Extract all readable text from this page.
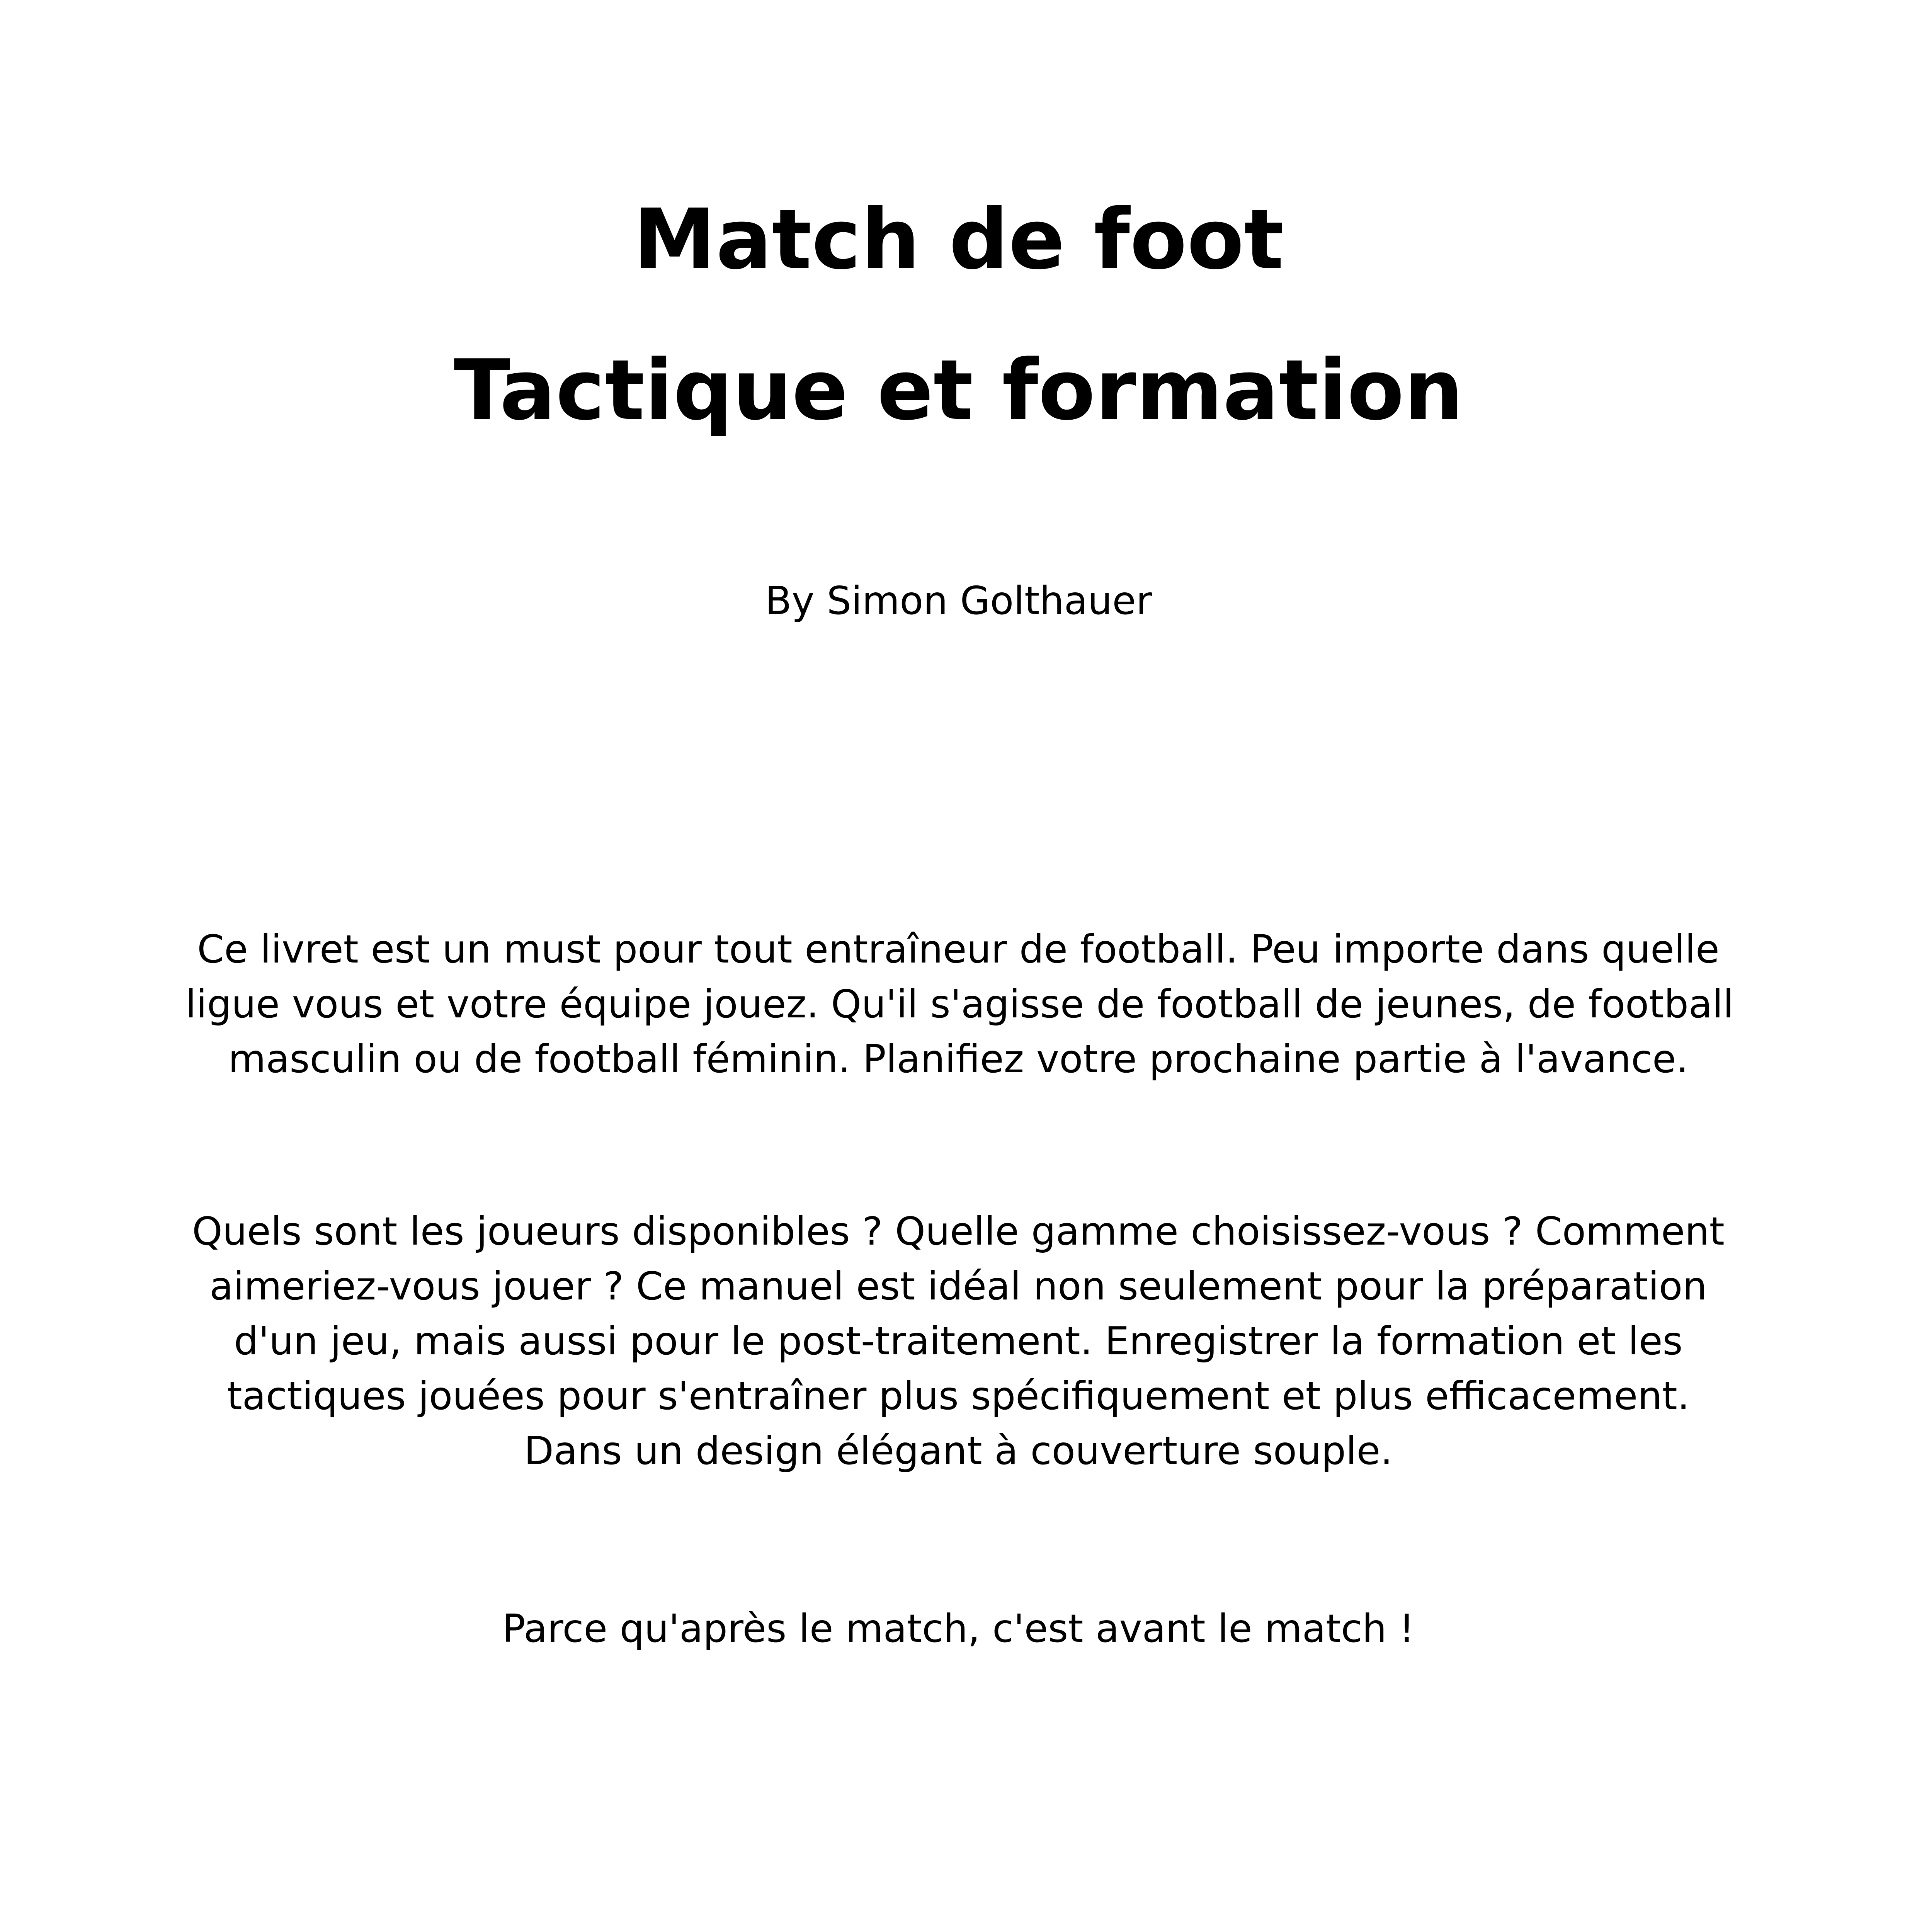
Match de foot
Tactique et formation
By Simon Golthauer
Ce livret est un must pour tout entraîneur de football. Peu importe dans quelle
ligue vous et votre équipe jouez. Qu'il s'agisse de football de jeunes, de football
masculin ou de football féminin. Planifiez votre prochaine partie à l'avance.
Quels sont les joueurs disponibles ? Quelle gamme choisissez-vous ? Comment
aimeriez-vous jouer ? Ce manuel est idéal non seulement pour la préparation
d'un jeu, mais aussi pour le post-traitement. Enregistrer la formation et les
tactiques jouées pour s'entraîner plus spécifiquement et plus efficacement.
Dans un design élégant à couverture souple.
Parce qu'après le match, c'est avant le match !
